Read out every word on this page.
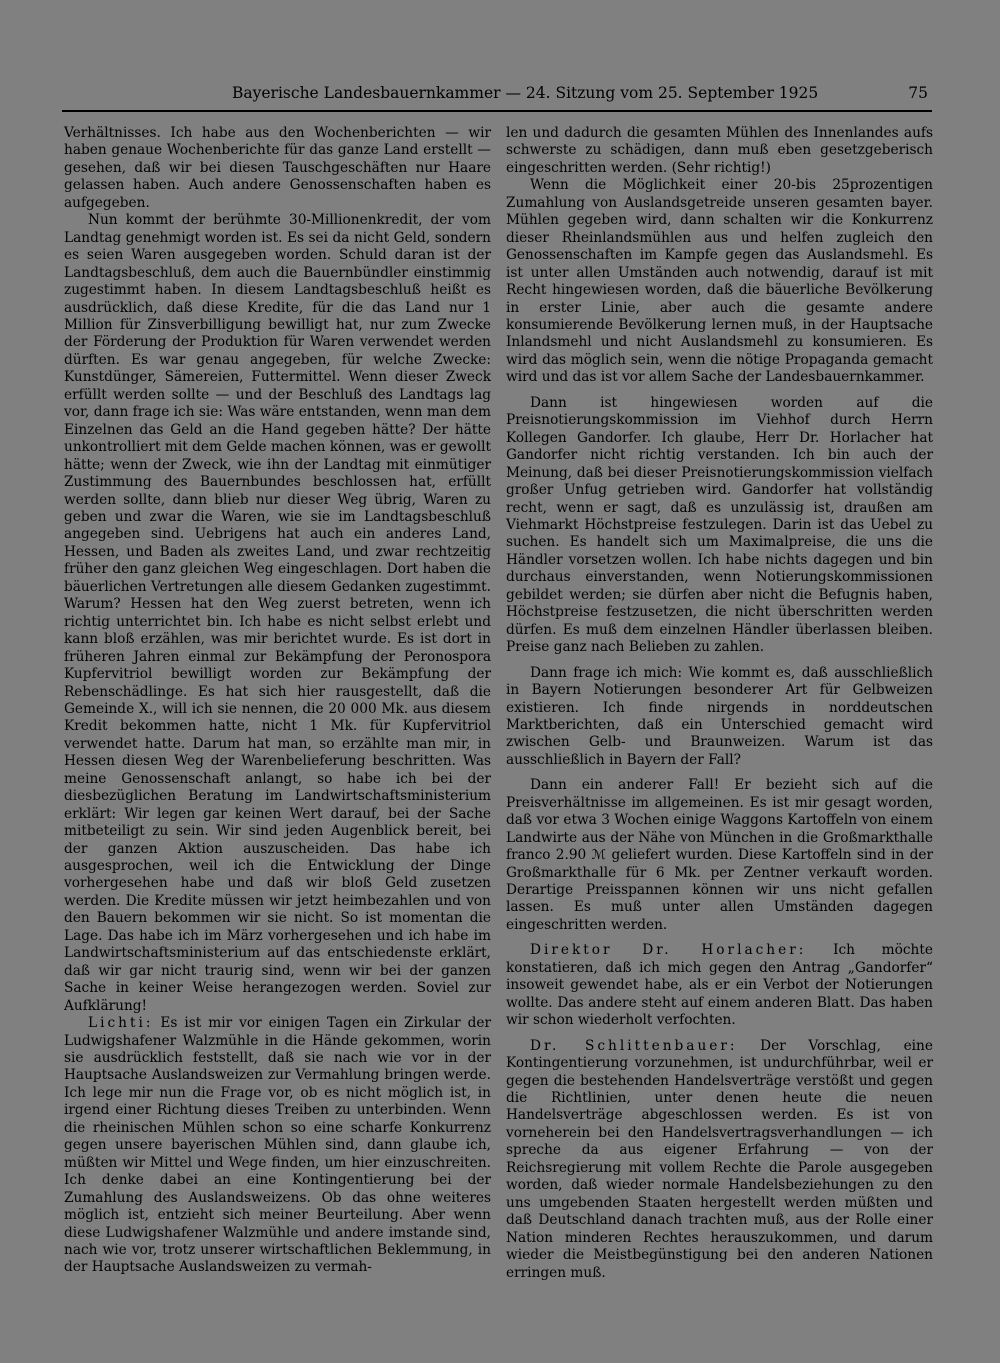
Bayerische Landesbauernkammer — 24. Sitzung vom 25. September 1925	75

Verhältnisses. Ich habe aus den Wochenberichten — wir haben genaue Wochenberichte für das ganze Land erstellt — gesehen, daß wir bei diesen Tauschgeschäften nur Haare gelassen haben. Auch andere Genossenschaften haben es aufgegeben.

Nun kommt der berühmte 30-Millionenkredit, der vom Landtag genehmigt worden ist. Es sei da nicht Geld, sondern es seien Waren ausgegeben worden. Schuld daran ist der Landtagsbeschluß, dem auch die Bauernbündler einstimmig zugestimmt haben. In diesem Landtagsbeschluß heißt es ausdrücklich, daß diese Kredite, für die das Land nur 1 Million für Zinsverbilligung bewilligt hat, nur zum Zwecke der Förderung der Produktion für Waren verwendet werden dürften. Es war genau angegeben, für welche Zwecke: Kunstdünger, Sämereien, Futtermittel. Wenn dieser Zweck erfüllt werden sollte — und der Beschluß des Landtags lag vor, dann frage ich sie: Was wäre entstanden, wenn man dem Einzelnen das Geld an die Hand gegeben hätte? Der hätte unkontrolliert mit dem Gelde machen können, was er gewollt hätte; wenn der Zweck, wie ihn der Landtag mit einmütiger Zustimmung des Bauernbundes beschlossen hat, erfüllt werden sollte, dann blieb nur dieser Weg übrig, Waren zu geben und zwar die Waren, wie sie im Landtagsbeschluß angegeben sind. Uebrigens hat auch ein anderes Land, Hessen, und Baden als zweites Land, und zwar rechtzeitig früher den ganz gleichen Weg eingeschlagen. Dort haben die bäuerlichen Vertretungen alle diesem Gedanken zugestimmt. Warum? Hessen hat den Weg zuerst betreten, wenn ich richtig unterrichtet bin. Ich habe es nicht selbst erlebt und kann bloß erzählen, was mir berichtet wurde. Es ist dort in früheren Jahren einmal zur Bekämpfung der Peronospora Kupfervitriol bewilligt worden zur Bekämpfung der Rebenschädlinge. Es hat sich hier rausgestellt, daß die Gemeinde X., will ich sie nennen, die 20 000 Mk. aus diesem Kredit bekommen hatte, nicht 1 Mk. für Kupfervitriol verwendet hatte. Darum hat man, so erzählte man mir, in Hessen diesen Weg der Warenbelieferung beschritten. Was meine Genossenschaft anlangt, so habe ich bei der diesbezüglichen Beratung im Landwirtschaftsministerium erklärt: Wir legen gar keinen Wert darauf, bei der Sache mitbeteiligt zu sein. Wir sind jeden Augenblick bereit, bei der ganzen Aktion auszuscheiden. Das habe ich ausgesprochen, weil ich die Entwicklung der Dinge vorhergesehen habe und daß wir bloß Geld zusetzen werden. Die Kredite müssen wir jetzt heimbezahlen und von den Bauern bekommen wir sie nicht. So ist momentan die Lage. Das habe ich im März vorhergesehen und ich habe im Landwirtschaftsministerium auf das entschiedenste erklärt, daß wir gar nicht traurig sind, wenn wir bei der ganzen Sache in keiner Weise herangezogen werden. Soviel zur Aufklärung!

Lichti: Es ist mir vor einigen Tagen ein Zirkular der Ludwigshafener Walzmühle in die Hände gekommen, worin sie ausdrücklich feststellt, daß sie nach wie vor in der Hauptsache Auslandsweizen zur Vermahlung bringen werde. Ich lege mir nun die Frage vor, ob es nicht möglich ist, in irgend einer Richtung dieses Treiben zu unterbinden. Wenn die rheinischen Mühlen schon so eine scharfe Konkurrenz gegen unsere bayerischen Mühlen sind, dann glaube ich, müßten wir Mittel und Wege finden, um hier einzuschreiten. Ich denke dabei an eine Kontingentierung bei der Zumahlung des Auslandsweizens. Ob das ohne weiteres möglich ist, entzieht sich meiner Beurteilung. Aber wenn diese Ludwigshafener Walzmühle und andere imstande sind, nach wie vor, trotz unserer wirtschaftlichen Beklemmung, in der Hauptsache Auslandsweizen zu vermah-

len und dadurch die gesamten Mühlen des Innenlandes aufs schwerste zu schädigen, dann muß eben gesetzgeberisch eingeschritten werden. (Sehr richtig!)

Wenn die Möglichkeit einer 20-bis 25prozentigen Zumahlung von Auslandsgetreide unseren gesamten bayer. Mühlen gegeben wird, dann schalten wir die Konkurrenz dieser Rheinlandsmühlen aus und helfen zugleich den Genossenschaften im Kampfe gegen das Auslandsmehl. Es ist unter allen Umständen auch notwendig, darauf ist mit Recht hingewiesen worden, daß die bäuerliche Bevölkerung in erster Linie, aber auch die gesamte andere konsumierende Bevölkerung lernen muß, in der Hauptsache Inlandsmehl und nicht Auslandsmehl zu konsumieren. Es wird das möglich sein, wenn die nötige Propaganda gemacht wird und das ist vor allem Sache der Landesbauernkammer.

Dann ist hingewiesen worden auf die Preisnotierungskommission im Viehhof durch Herrn Kollegen Gandorfer. Ich glaube, Herr Dr. Horlacher hat Gandorfer nicht richtig verstanden. Ich bin auch der Meinung, daß bei dieser Preisnotierungskommission vielfach großer Unfug getrieben wird. Gandorfer hat vollständig recht, wenn er sagt, daß es unzulässig ist, draußen am Viehmarkt Höchstpreise festzulegen. Darin ist das Uebel zu suchen. Es handelt sich um Maximalpreise, die uns die Händler vorsetzen wollen. Ich habe nichts dagegen und bin durchaus einverstanden, wenn Notierungskommissionen gebildet werden; sie dürfen aber nicht die Befugnis haben, Höchstpreise festzusetzen, die nicht überschritten werden dürfen. Es muß dem einzelnen Händler überlassen bleiben. Preise ganz nach Belieben zu zahlen.

Dann frage ich mich: Wie kommt es, daß ausschließlich in Bayern Notierungen besonderer Art für Gelbweizen existieren. Ich finde nirgends in norddeutschen Marktberichten, daß ein Unterschied gemacht wird zwischen Gelb- und Braunweizen. Warum ist das ausschließlich in Bayern der Fall?

Dann ein anderer Fall! Er bezieht sich auf die Preisverhältnisse im allgemeinen. Es ist mir gesagt worden, daß vor etwa 3 Wochen einige Waggons Kartoffeln von einem Landwirte aus der Nähe von München in die Großmarkthalle franco 2.90 ℳ geliefert wurden. Diese Kartoffeln sind in der Großmarkthalle für 6 Mk. per Zentner verkauft worden. Derartige Preisspannen können wir uns nicht gefallen lassen. Es muß unter allen Umständen dagegen eingeschritten werden.

Direktor Dr. Horlacher: Ich möchte konstatieren, daß ich mich gegen den Antrag „Gandorfer“ insoweit gewendet habe, als er ein Verbot der Notierungen wollte. Das andere steht auf einem anderen Blatt. Das haben wir schon wiederholt verfochten.

Dr. Schlittenbauer: Der Vorschlag, eine Kontingentierung vorzunehmen, ist undurchführbar, weil er gegen die bestehenden Handelsverträge verstößt und gegen die Richtlinien, unter denen heute die neuen Handelsverträge abgeschlossen werden. Es ist von vorneherein bei den Handelsvertragsverhandlungen — ich spreche da aus eigener Erfahrung — von der Reichsregierung mit vollem Rechte die Parole ausgegeben worden, daß wieder normale Handelsbeziehungen zu den uns umgebenden Staaten hergestellt werden müßten und daß Deutschland danach trachten muß, aus der Rolle einer Nation minderen Rechtes herauszukommen, und darum wieder die Meistbegünstigung bei den anderen Nationen erringen muß.
